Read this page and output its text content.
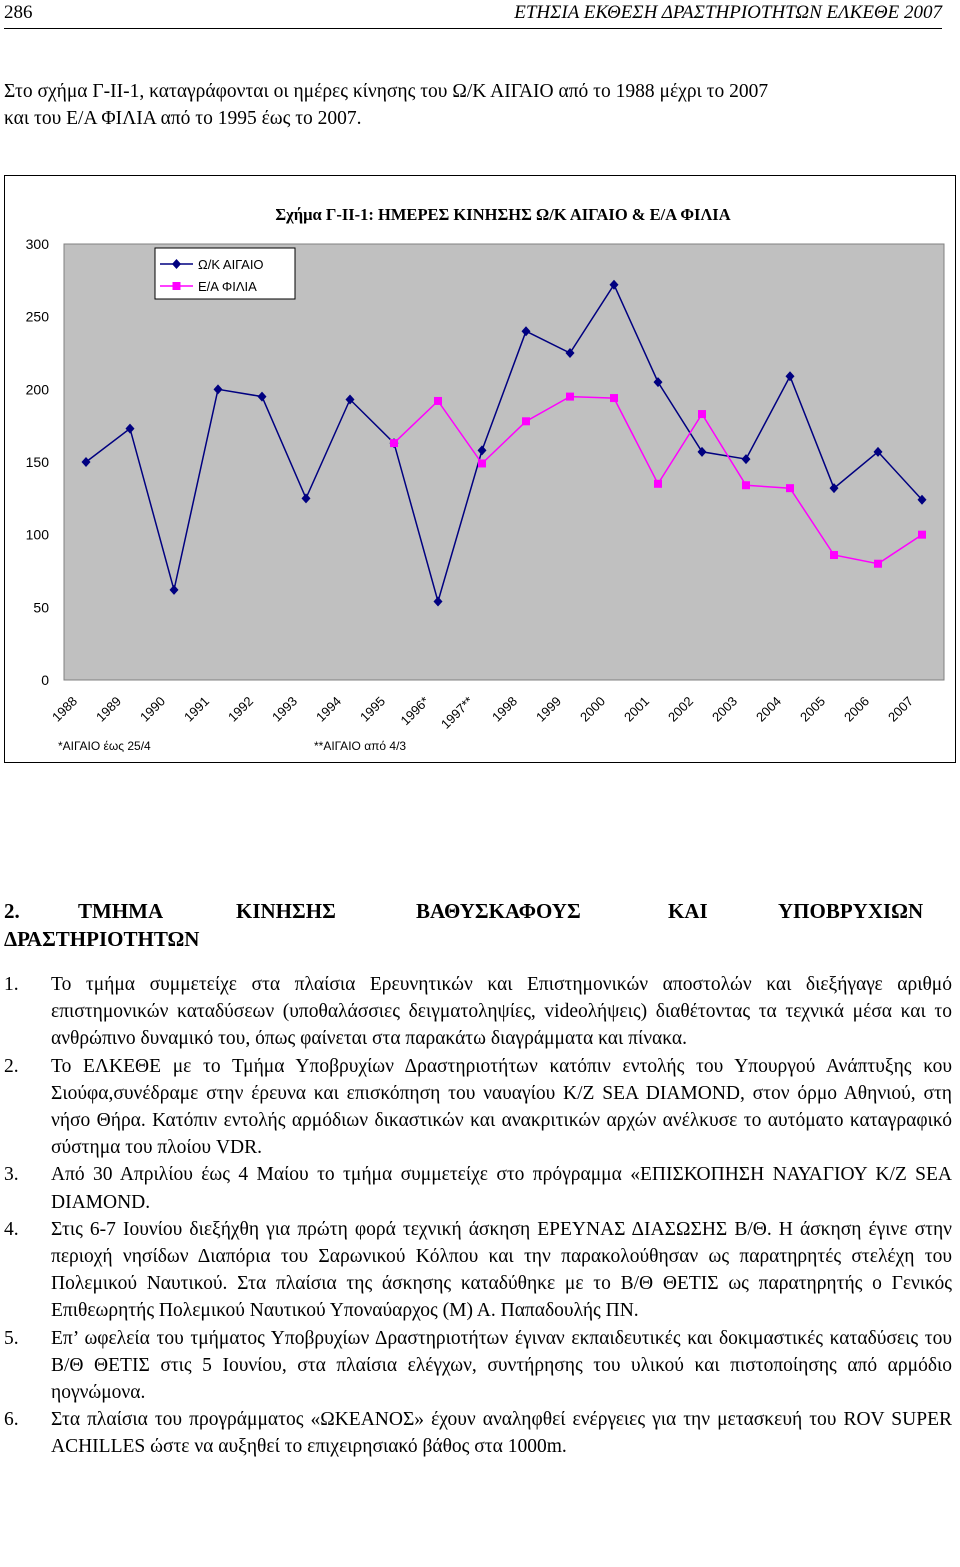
286	ΕΤΗΣΙΑ ΕΚΘΕΣΗ ΔΡΑΣΤΗΡΙΟΤΗΤΩΝ ΕΛΚΕΘΕ 2007
Στο σχήμα Γ-ΙΙ-1, καταγράφονται οι ημέρες κίνησης του Ω/Κ ΑΙΓΑΙΟ από το 1988 μέχρι το 2007
και του Ε/Α ΦΙΛΙΑ από το 1995 έως το 2007.
Σχήμα Γ-ΙΙ-1: ΗΜΕΡΕΣ ΚΙΝΗΣΗΣ Ω/Κ ΑΙΓΑΙΟ & Ε/Α ΦΙΛΙΑ
0
50
100
150
200
250
300
1988 1989 1990 1991 1992 1993 1994 1995 1996* 1997** 1998 1999 2000 2001 2002 2003 2004 2005 2006 2007
*ΑΙΓΑΙΟ έως 25/4	**ΑΙΓΑΙΟ από 4/3
Ω/Κ ΑΙΓΑΙΟ
Ε/Α ΦΙΛΙΑ
2.	ΤΜΗΜΑ	ΚΙΝΗΣΗΣ	ΒΑΘΥΣΚΑΦΟΥΣ	ΚΑΙ	ΥΠΟΒΡΥΧΙΩΝ
ΔΡΑΣΤΗΡΙΟΤΗΤΩΝ
1. Το τμήμα συμμετείχε στα πλαίσια Ερευνητικών και Επιστημονικών αποστολών και διεξήγαγε αριθμό επιστημονικών καταδύσεων (υποθαλάσσιες δειγματοληψίες, videoλήψεις) διαθέτοντας τα τεχνικά μέσα και το ανθρώπινο δυναμικό του, όπως φαίνεται στα παρακάτω διαγράμματα και πίνακα.
2. Το ΕΛΚΕΘΕ με το Τμήμα Υποβρυχίων Δραστηριοτήτων κατόπιν εντολής του Υπουργού Ανάπτυξης κου Σιούφα,συνέδραμε στην έρευνα και επισκόπηση του ναυαγίου Κ/Ζ SEA DIAMOND, στον όρμο Αθηνιού, στη νήσο Θήρα. Κατόπιν εντολής αρμόδιων δικαστικών και ανακριτικών αρχών ανέλκυσε το αυτόματο καταγραφικό σύστημα του πλοίου VDR.
3. Από 30 Απριλίου έως 4 Μαίου το τμήμα συμμετείχε στο πρόγραμμα «ΕΠΙΣΚΟΠΗΣΗ ΝΑΥΑΓΙΟΥ Κ/Ζ SEA DIAMOND.
4. Στις 6-7 Ιουνίου διεξήχθη για πρώτη φορά τεχνική άσκηση ΕΡΕΥΝΑΣ ΔΙΑΣΩΣΗΣ Β/Θ. Η άσκηση έγινε στην περιοχή νησίδων Διαπόρια του Σαρωνικού Κόλπου και την παρακολούθησαν ως παρατηρητές στελέχη του Πολεμικού Ναυτικού. Στα πλαίσια της άσκησης καταδύθηκε με το Β/Θ ΘΕΤΙΣ ως παρατηρητής ο Γενικός Επιθεωρητής Πολεμικού Ναυτικού Υποναύαρχος (Μ) Α. Παπαδουλής ΠΝ.
5. Επ’ ωφελεία του τμήματος Υποβρυχίων Δραστηριοτήτων έγιναν εκπαιδευτικές και δοκιμαστικές καταδύσεις του Β/Θ ΘΕΤΙΣ στις 5 Ιουνίου, στα πλαίσια ελέγχων, συντήρησης του υλικού και πιστοποίησης από αρμόδιο ηογνώμονα.
6. Στα πλαίσια του προγράμματος «ΩΚΕΑΝΟΣ» έχουν αναληφθεί ενέργειες για την μετασκευή του ROV SUPER ACHILLES ώστε να αυξηθεί το επιχειρησιακό βάθος στα 1000m.
